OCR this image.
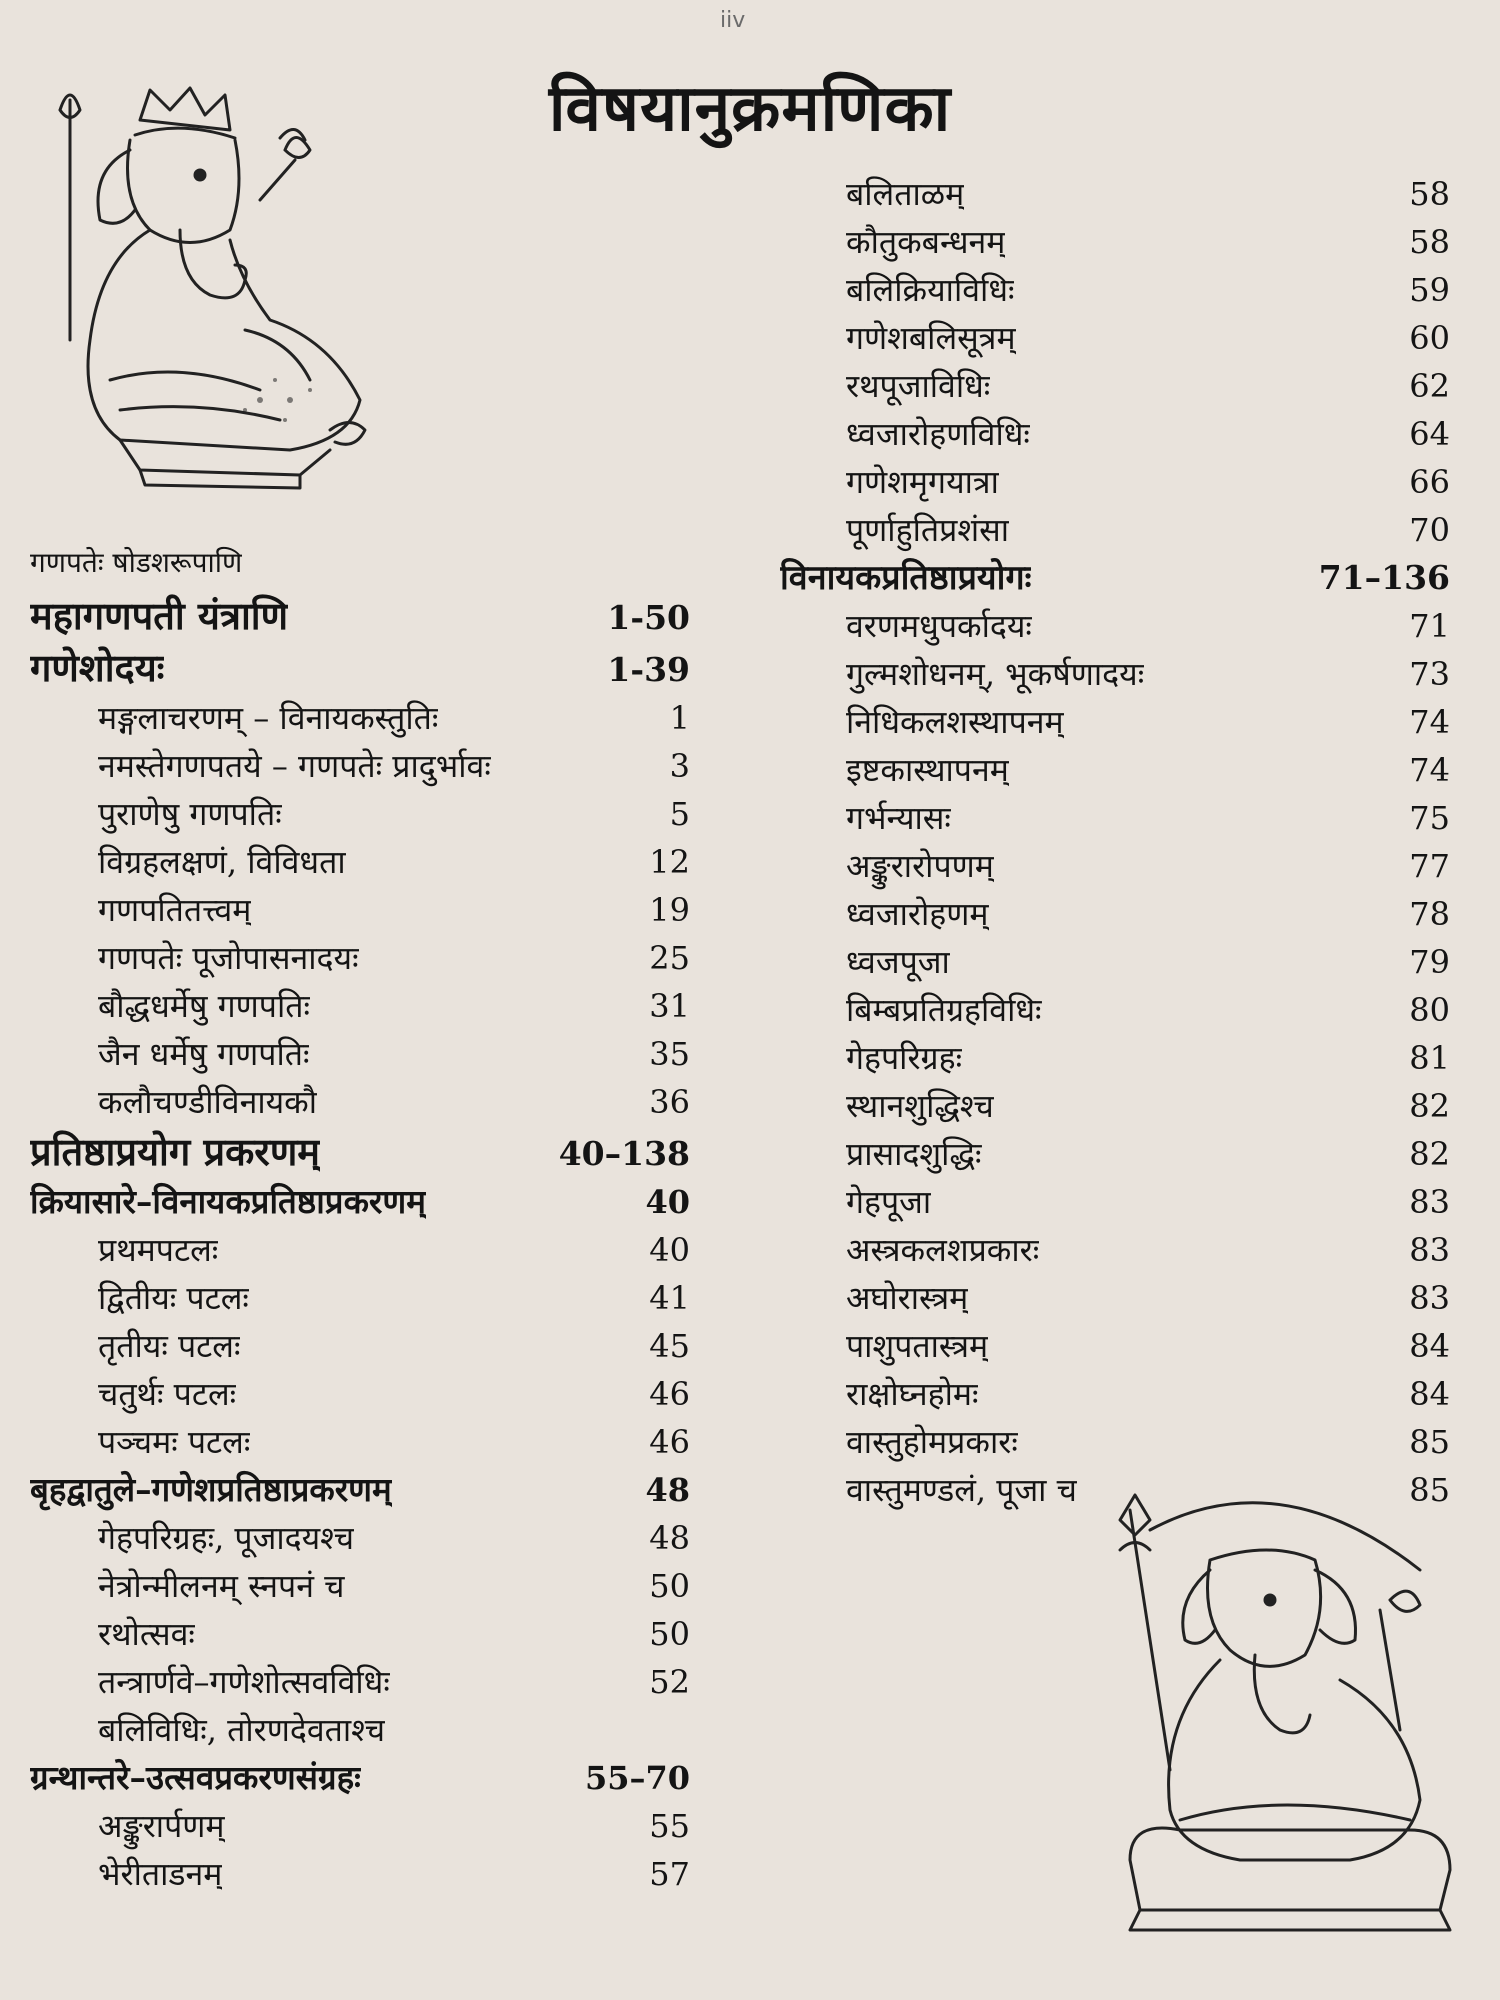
iiv
विषयानुक्रमणिका
गणपतेः षोडशरूपाणि
महागणपती यंत्राणि	1-50
गणेशोदयः	1-39
मङ्गलाचरणम् – विनायकस्तुतिः	1
नमस्तेगणपतये – गणपतेः प्रादुर्भावः	3
पुराणेषु गणपतिः	5
विग्रहलक्षणं, विविधता	12
गणपतितत्त्वम्	19
गणपतेः पूजोपासनादयः	25
बौद्धधर्मेषु गणपतिः	31
जैन धर्मेषु गणपतिः	35
कलौचण्डीविनायकौ	36
प्रतिष्ठाप्रयोग प्रकरणम्	40–138
क्रियासारे–विनायकप्रतिष्ठाप्रकरणम्	40
प्रथमपटलः	40
द्वितीयः पटलः	41
तृतीयः पटलः	45
चतुर्थः पटलः	46
पञ्चमः पटलः	46
बृहद्वातुले–गणेशप्रतिष्ठाप्रकरणम्	48
गेहपरिग्रहः, पूजादयश्च	48
नेत्रोन्मीलनम् स्नपनं च	50
रथोत्सवः	50
तन्त्रार्णवे–गणेशोत्सवविधिः	52
बलिविधिः, तोरणदेवताश्च
ग्रन्थान्तरे–उत्सवप्रकरणसंग्रहः	55–70
अङ्कुरार्पणम्	55
भेरीताडनम्	57
बलिताळम्	58
कौतुकबन्धनम्	58
बलिक्रियाविधिः	59
गणेशबलिसूत्रम्	60
रथपूजाविधिः	62
ध्वजारोहणविधिः	64
गणेशमृगयात्रा	66
पूर्णाहुतिप्रशंसा	70
विनायकप्रतिष्ठाप्रयोगः	71–136
वरणमधुपर्कादयः	71
गुल्मशोधनम्, भूकर्षणादयः	73
निधिकलशस्थापनम्	74
इष्टकास्थापनम्	74
गर्भन्यासः	75
अङ्कुरारोपणम्	77
ध्वजारोहणम्	78
ध्वजपूजा	79
बिम्बप्रतिग्रहविधिः	80
गेहपरिग्रहः	81
स्थानशुद्धिश्च	82
प्रासादशुद्धिः	82
गेहपूजा	83
अस्त्रकलशप्रकारः	83
अघोरास्त्रम्	83
पाशुपतास्त्रम्	84
राक्षोघ्नहोमः	84
वास्तुहोमप्रकारः	85
वास्तुमण्डलं, पूजा च	85
